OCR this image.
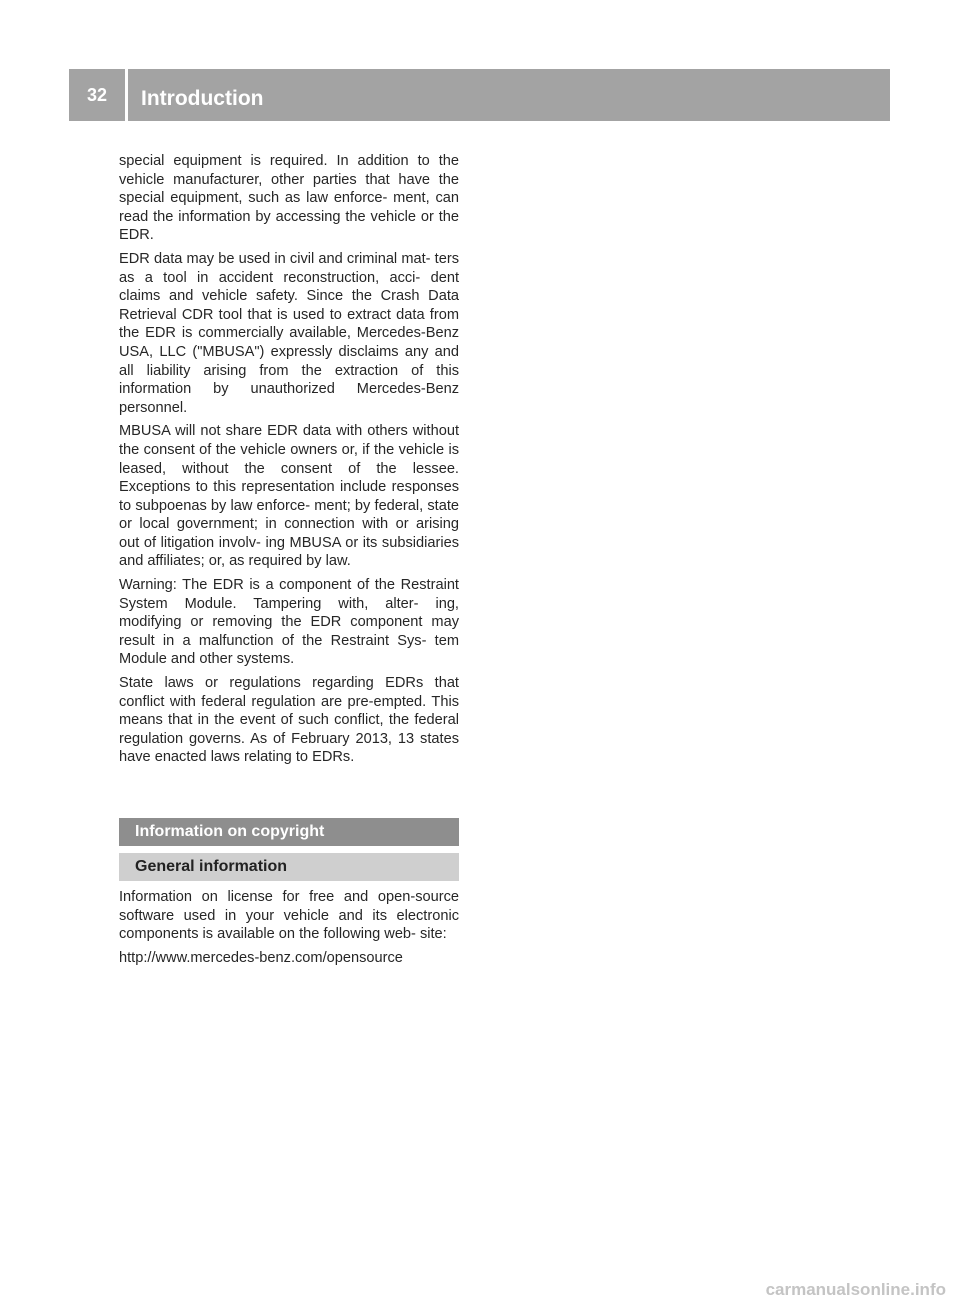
32	Introduction

special equipment is required. In addition to the vehicle manufacturer, other parties that have the special equipment, such as law enforce- ment, can read the information by accessing the vehicle or the EDR.

EDR data may be used in civil and criminal mat- ters as a tool in accident reconstruction, acci- dent claims and vehicle safety. Since the Crash Data Retrieval CDR tool that is used to extract data from the EDR is commercially available, Mercedes-Benz USA, LLC ("MBUSA") expressly disclaims any and all liability arising from the extraction of this information by unauthorized Mercedes-Benz personnel.

MBUSA will not share EDR data with others without the consent of the vehicle owners or, if the vehicle is leased, without the consent of the lessee. Exceptions to this representation include responses to subpoenas by law enforce- ment; by federal, state or local government; in connection with or arising out of litigation involv- ing MBUSA or its subsidiaries and affiliates; or, as required by law.

Warning: The EDR is a component of the Restraint System Module. Tampering with, alter- ing, modifying or removing the EDR component may result in a malfunction of the Restraint Sys- tem Module and other systems.

State laws or regulations regarding EDRs that conflict with federal regulation are pre-empted. This means that in the event of such conflict, the federal regulation governs. As of February 2013, 13 states have enacted laws relating to EDRs.

Information on copyright
General information

Information on license for free and open-source software used in your vehicle and its electronic components is available on the following web- site:

http://www.mercedes-benz.com/opensource

carmanualsonline.info
